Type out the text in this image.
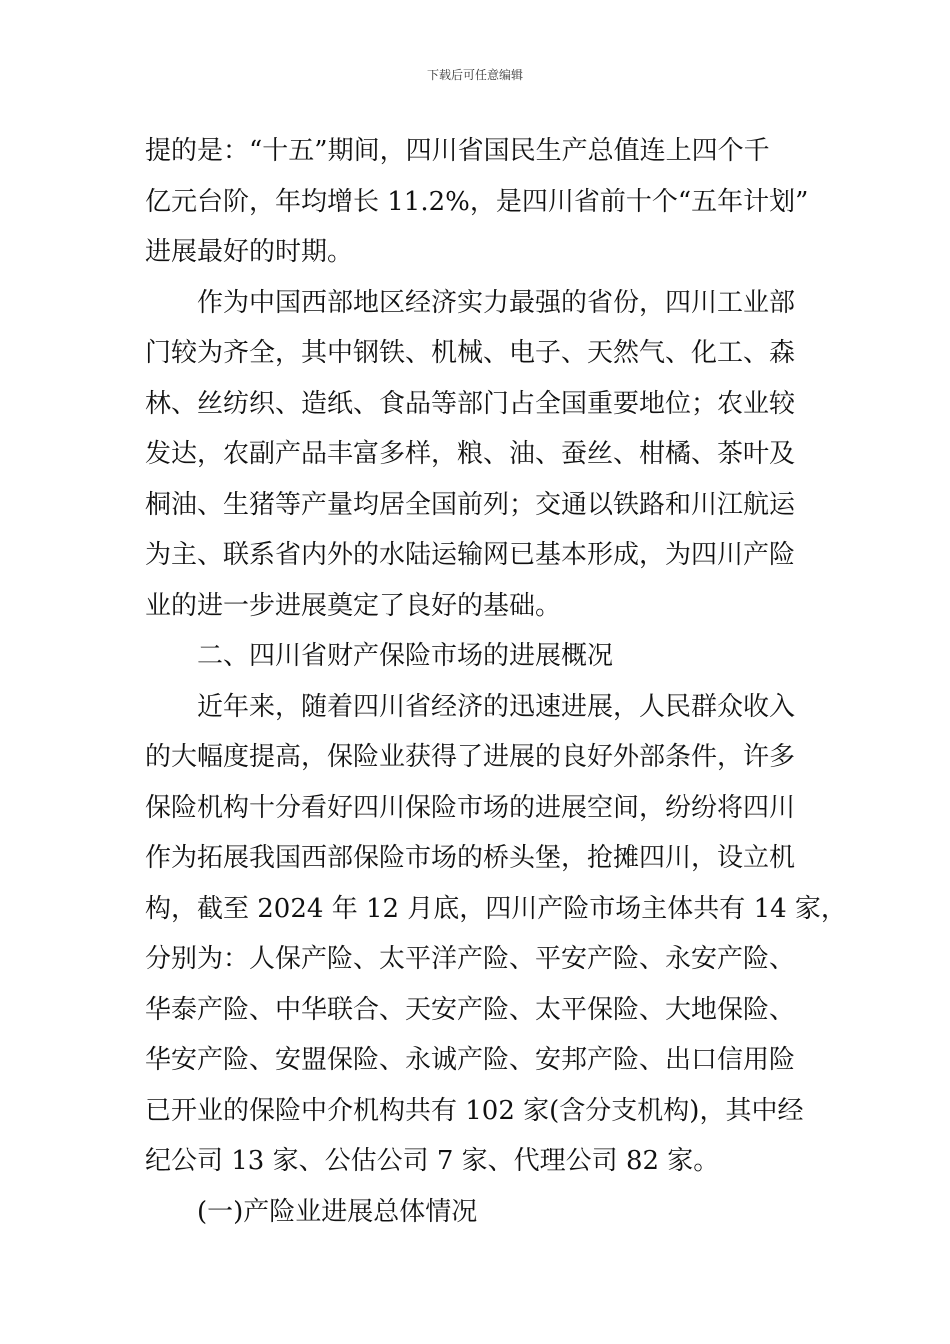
下载后可任意编辑
提的是：“十五”期间，四川省国民生产总值连上四个千
亿元台阶，年均增长 11.2%，是四川省前十个“五年计划”
进展最好的时期。
作为中国西部地区经济实力最强的省份，四川工业部
门较为齐全，其中钢铁、机械、电子、天然气、化工、森
林、丝纺织、造纸、食品等部门占全国重要地位；农业较
发达，农副产品丰富多样，粮、油、蚕丝、柑橘、茶叶及
桐油、生猪等产量均居全国前列；交通以铁路和川江航运
为主、联系省内外的水陆运输网已基本形成，为四川产险
业的进一步进展奠定了良好的基础。
二、四川省财产保险市场的进展概况
近年来，随着四川省经济的迅速进展，人民群众收入
的大幅度提高，保险业获得了进展的良好外部条件，许多
保险机构十分看好四川保险市场的进展空间，纷纷将四川
作为拓展我国西部保险市场的桥头堡，抢摊四川，设立机
构，截至 2024 年 12 月底，四川产险市场主体共有 14 家，
分别为：人保产险、太平洋产险、平安产险、永安产险、
华泰产险、中华联合、天安产险、太平保险、大地保险、
华安产险、安盟保险、永诚产险、安邦产险、出口信用险
已开业的保险中介机构共有 102 家(含分支机构)，其中经
纪公司 13 家、公估公司 7 家、代理公司 82 家。
(一)产险业进展总体情况
